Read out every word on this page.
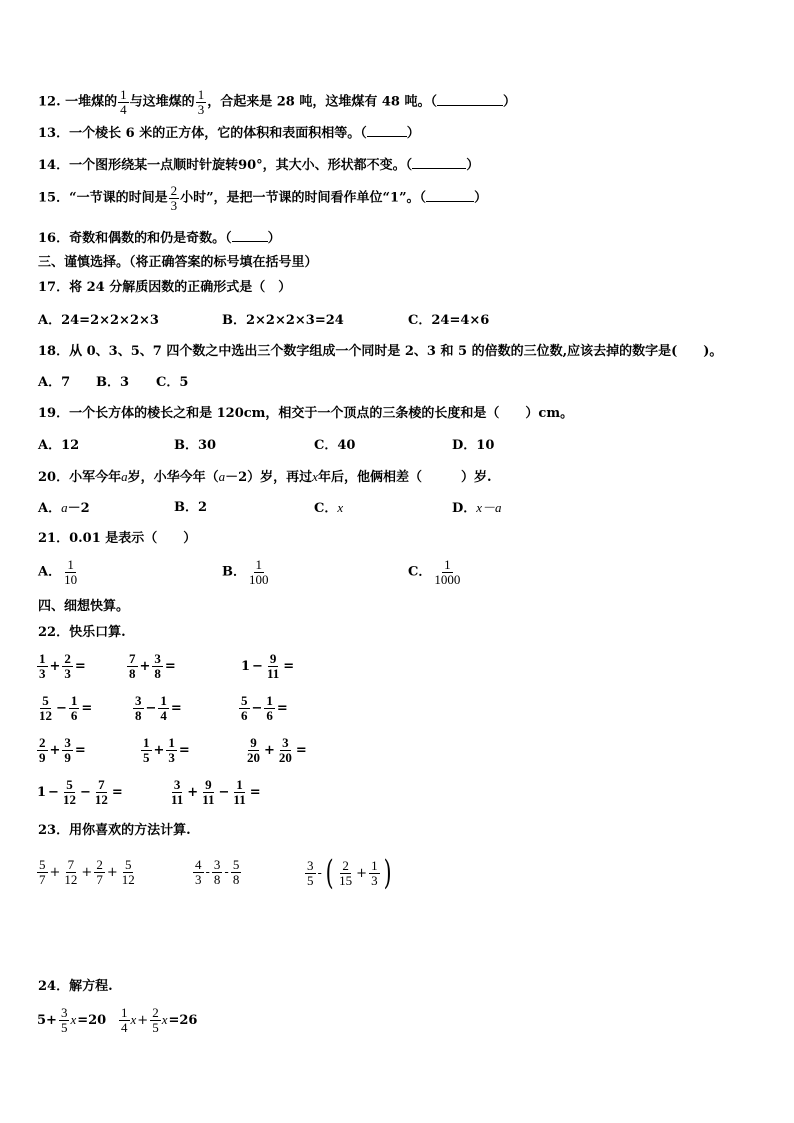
12. 一堆煤的 $\frac{1}{4}$ 与这堆煤的 $\frac{1}{3}$ ，合起来是 28 吨，这堆煤有 48 吨。（	）
13．一个棱长 6 米的正方体，它的体积和表面积相等。（	）
14．一个图形绕某一点顺时针旋转90°，其大小、形状都不变。（	）
15．“一节课的时间是 $\frac{2}{3}$ 小时”，是把一节课的时间看作单位“1”。（	）
16．奇数和偶数的和仍是奇数。（	）
三、谨慎选择。（将正确答案的标号填在括号里）
17．将 24 分解质因数的正确形式是（　）
A．24=2×2×2×3	B．2×2×2×3=24	C．24=4×6
18．从 0、3、5、7 四个数之中选出三个数字组成一个同时是 2、3 和 5 的倍数的三位数,应该去掉的数字是(　　)。
A．7 B．3 C．5
19．一个长方体的棱长之和是 120cm，相交于一个顶点的三条棱的长度和是（　　）cm。
A．12	B．30	C．40	D．10
20．小军今年a岁，小华今年（a－2）岁，再过x年后，他俩相差（　　　）岁.
A．a－2	B．2	C．x	D．x－a
21．0.01 是表示（　　）
A． $\frac{1}{10}$	B． $\frac{1}{100}$	C． $\frac{1}{1000}$
四、细想快算。
22．快乐口算.
$\frac{1}{3} + \frac{2}{3}$ =	$\frac{7}{8} + \frac{3}{8}$ =	$1 - \frac{9}{11}$ =
$\frac{5}{12} - \frac{1}{6}$ =	$\frac{3}{8} - \frac{1}{4}$ =	$\frac{5}{6} - \frac{1}{6}$ =
$\frac{2}{9} + \frac{3}{9}$ =	$\frac{1}{5} + \frac{1}{3}$ =	$\frac{9}{20} + \frac{3}{20}$ =
$1 - \frac{5}{12} - \frac{7}{12}$ =	$\frac{3}{11} + \frac{9}{11} - \frac{1}{11}$ =
23．用你喜欢的方法计算.
$\frac{5}{7} + \frac{7}{12} + \frac{2}{7} + \frac{5}{12}$	$\frac{4}{3} - \frac{3}{8} - \frac{5}{8}$	$\frac{3}{5}$ - ( $\frac{2}{15} + \frac{1}{3}$ )
24．解方程.
$5+ \frac{3}{5}$ $x =20 \frac{1}{4}$ $x + \frac{2}{5}$ x =26
